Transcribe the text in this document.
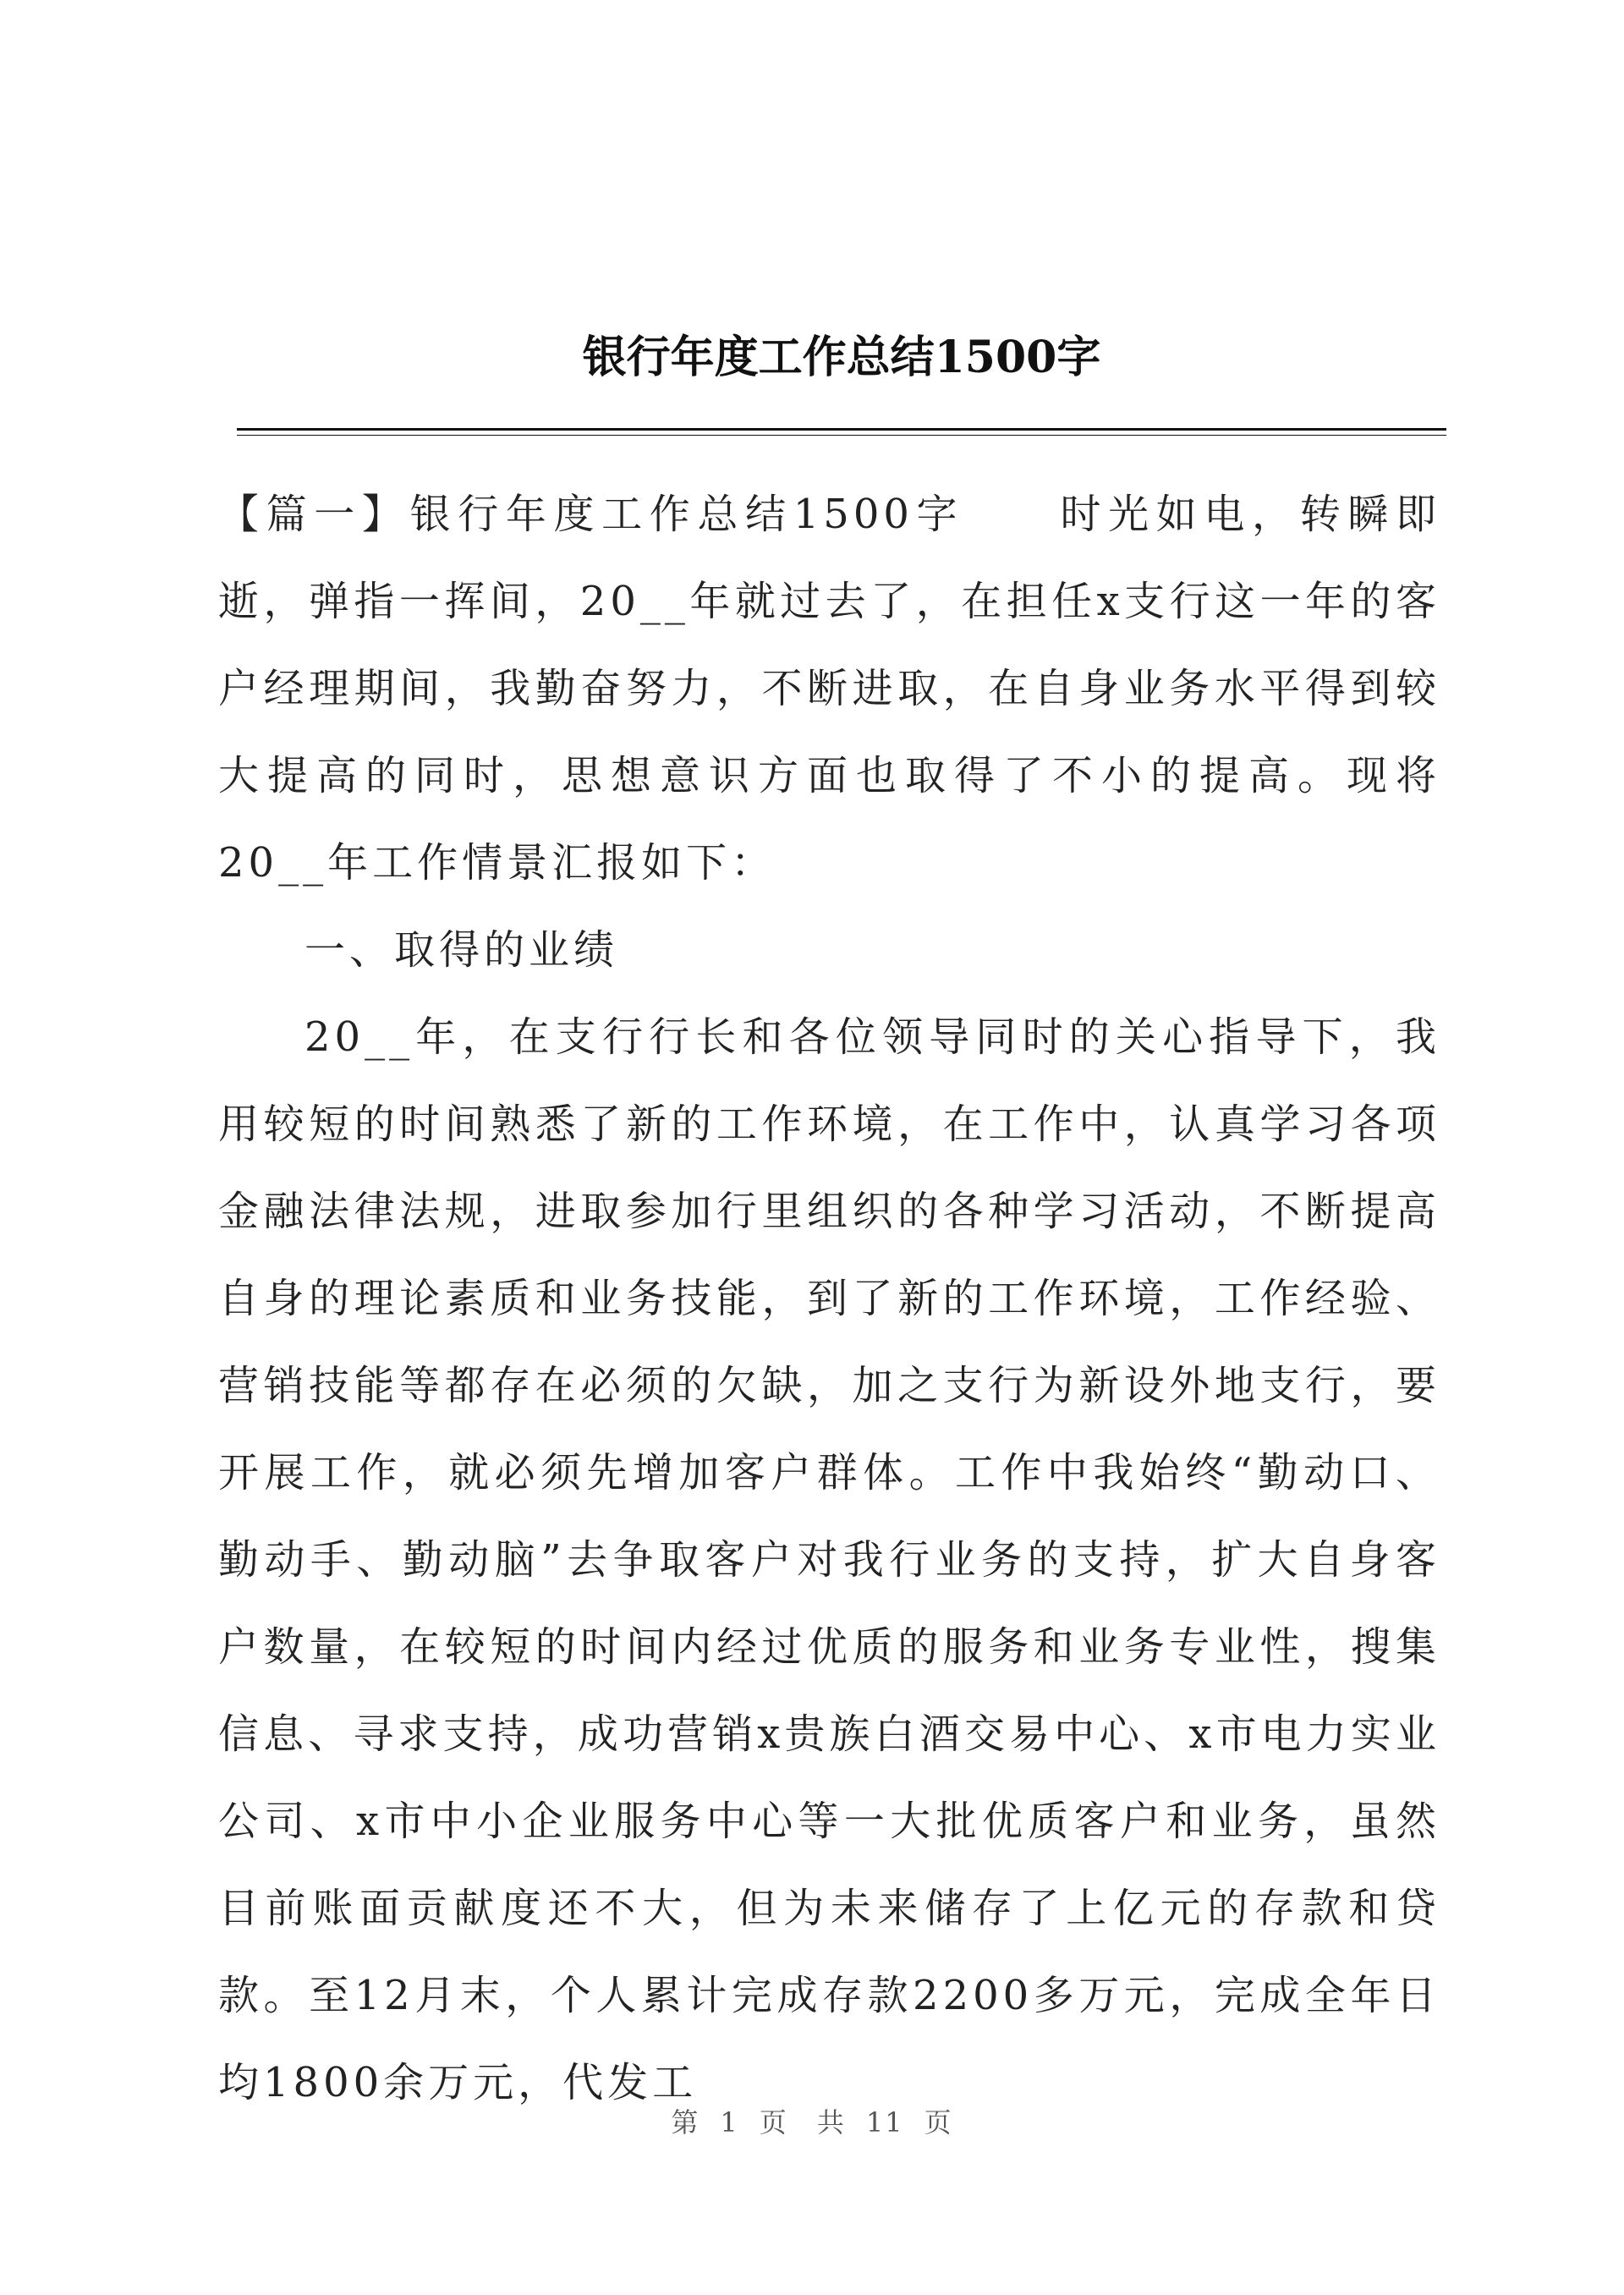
银行年度工作总结1500字

【篇一】银行年度工作总结1500字　　时光如电，转瞬即逝，弹指一挥间，20__年就过去了，在担任x支行这一年的客户经理期间，我勤奋努力，不断进取，在自身业务水平得到较大提高的同时，思想意识方面也取得了不小的提高。现将20__年工作情景汇报如下：

一、取得的业绩

20__年，在支行行长和各位领导同时的关心指导下，我用较短的时间熟悉了新的工作环境，在工作中，认真学习各项金融法律法规，进取参加行里组织的各种学习活动，不断提高自身的理论素质和业务技能，到了新的工作环境，工作经验、营销技能等都存在必须的欠缺，加之支行为新设外地支行，要开展工作，就必须先增加客户群体。工作中我始终“勤动口、勤动手、勤动脑”去争取客户对我行业务的支持，扩大自身客户数量，在较短的时间内经过优质的服务和业务专业性，搜集信息、寻求支持，成功营销x贵族白酒交易中心、x市电力实业公司、x市中小企业服务中心等一大批优质客户和业务，虽然目前账面贡献度还不大，但为未来储存了上亿元的存款和贷款。至12月末，个人累计完成存款2200多万元，完成全年日均1800余万元，代发工

第 1 页 共 11 页
